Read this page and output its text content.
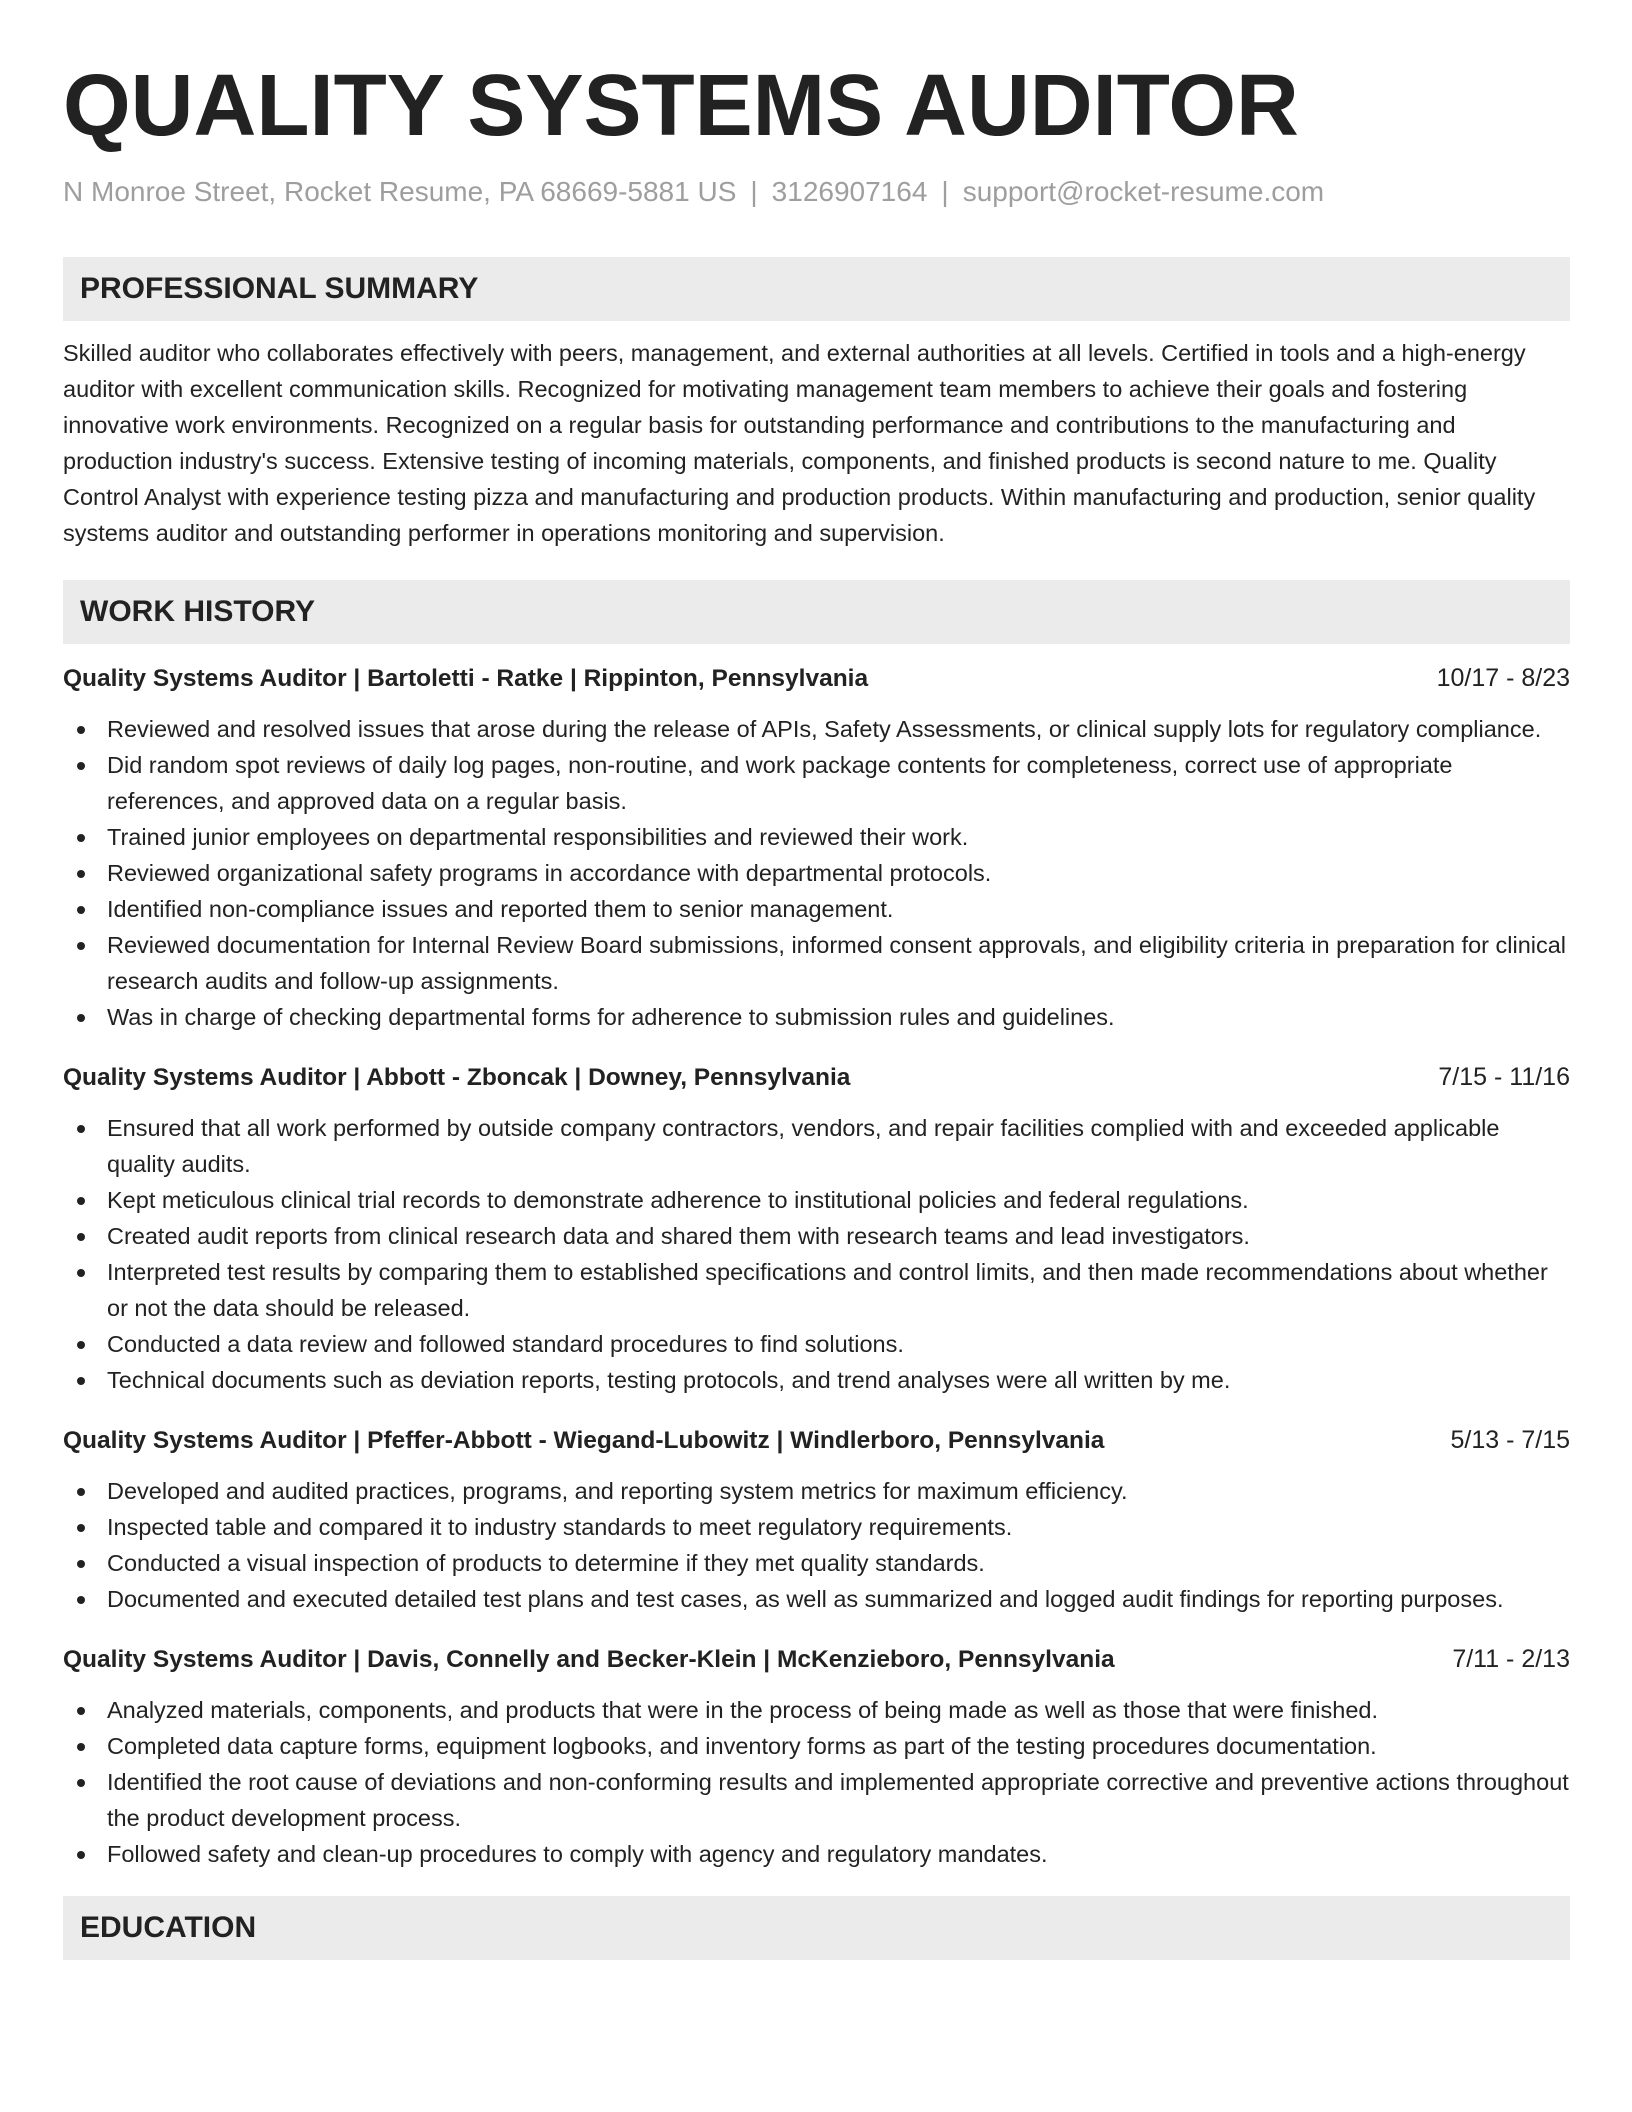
QUALITY SYSTEMS AUDITOR
N Monroe Street, Rocket Resume, PA 68669-5881 US | 3126907164 | support@rocket-resume.com
PROFESSIONAL SUMMARY
Skilled auditor who collaborates effectively with peers, management, and external authorities at all levels. Certified in tools and a high-energy auditor with excellent communication skills. Recognized for motivating management team members to achieve their goals and fostering innovative work environments. Recognized on a regular basis for outstanding performance and contributions to the manufacturing and production industry's success. Extensive testing of incoming materials, components, and finished products is second nature to me. Quality Control Analyst with experience testing pizza and manufacturing and production products. Within manufacturing and production, senior quality systems auditor and outstanding performer in operations monitoring and supervision.
WORK HISTORY
Quality Systems Auditor | Bartoletti - Ratke | Rippinton, Pennsylvania	10/17 - 8/23
Reviewed and resolved issues that arose during the release of APIs, Safety Assessments, or clinical supply lots for regulatory compliance.
Did random spot reviews of daily log pages, non-routine, and work package contents for completeness, correct use of appropriate references, and approved data on a regular basis.
Trained junior employees on departmental responsibilities and reviewed their work.
Reviewed organizational safety programs in accordance with departmental protocols.
Identified non-compliance issues and reported them to senior management.
Reviewed documentation for Internal Review Board submissions, informed consent approvals, and eligibility criteria in preparation for clinical research audits and follow-up assignments.
Was in charge of checking departmental forms for adherence to submission rules and guidelines.
Quality Systems Auditor | Abbott - Zboncak | Downey, Pennsylvania	7/15 - 11/16
Ensured that all work performed by outside company contractors, vendors, and repair facilities complied with and exceeded applicable quality audits.
Kept meticulous clinical trial records to demonstrate adherence to institutional policies and federal regulations.
Created audit reports from clinical research data and shared them with research teams and lead investigators.
Interpreted test results by comparing them to established specifications and control limits, and then made recommendations about whether or not the data should be released.
Conducted a data review and followed standard procedures to find solutions.
Technical documents such as deviation reports, testing protocols, and trend analyses were all written by me.
Quality Systems Auditor | Pfeffer-Abbott - Wiegand-Lubowitz | Windlerboro, Pennsylvania	5/13 - 7/15
Developed and audited practices, programs, and reporting system metrics for maximum efficiency.
Inspected table and compared it to industry standards to meet regulatory requirements.
Conducted a visual inspection of products to determine if they met quality standards.
Documented and executed detailed test plans and test cases, as well as summarized and logged audit findings for reporting purposes.
Quality Systems Auditor | Davis, Connelly and Becker-Klein | McKenzieboro, Pennsylvania	7/11 - 2/13
Analyzed materials, components, and products that were in the process of being made as well as those that were finished.
Completed data capture forms, equipment logbooks, and inventory forms as part of the testing procedures documentation.
Identified the root cause of deviations and non-conforming results and implemented appropriate corrective and preventive actions throughout the product development process.
Followed safety and clean-up procedures to comply with agency and regulatory mandates.
EDUCATION
